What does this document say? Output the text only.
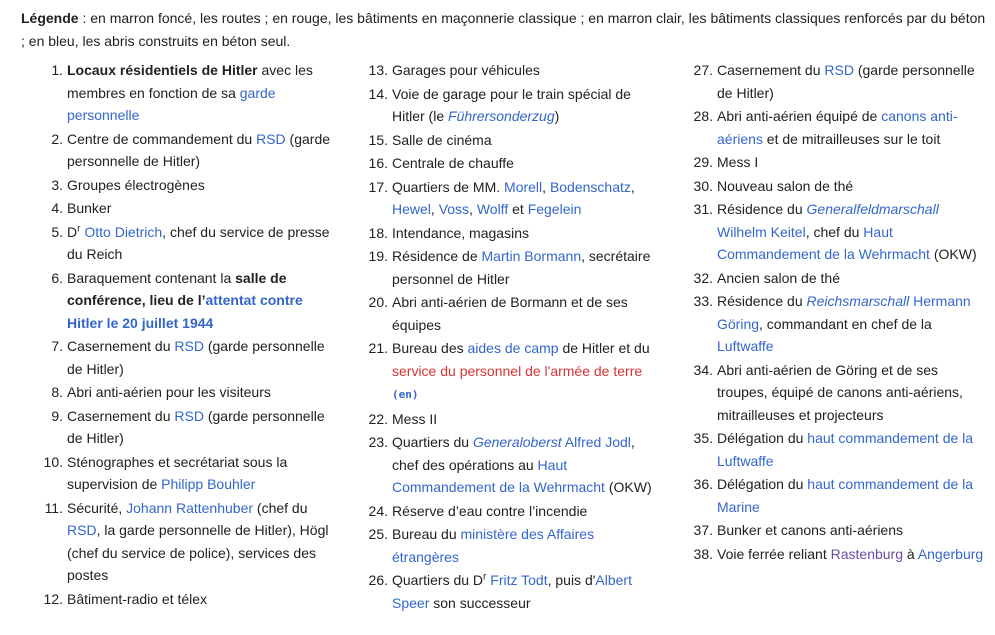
Légende : en marron foncé, les routes ; en rouge, les bâtiments en maçonnerie classique ; en marron clair, les bâtiments classiques renforcés par du béton ; en bleu, les abris construits en béton seul.

1. Locaux résidentiels de Hitler avec les membres en fonction de sa garde personnelle
2. Centre de commandement du RSD (garde personnelle de Hitler)
3. Groupes électrogènes
4. Bunker
5. $D^r$ Otto Dietrich, chef du service de presse du Reich
6. Baraquement contenant la salle de conférence, lieu de l’attentat contre Hitler le 20 juillet 1944
7. Casernement du RSD (garde personnelle de Hitler)
8. Abri anti-aérien pour les visiteurs
9. Casernement du RSD (garde personnelle de Hitler)
10. Sténographes et secrétariat sous la supervision de Philipp Bouhler
11. Sécurité, Johann Rattenhuber (chef du RSD, la garde personnelle de Hitler), Högl (chef du service de police), services des postes
12. Bâtiment-radio et télex
13. Garages pour véhicules
14. Voie de garage pour le train spécial de Hitler (le Führersonderzug)
15. Salle de cinéma
16. Centrale de chauffe
17. Quartiers de MM. Morell, Bodenschatz, Hewel, Voss, Wolff et Fegelein
18. Intendance, magasins
19. Résidence de Martin Bormann, secrétaire personnel de Hitler
20. Abri anti-aérien de Bormann et de ses équipes
21. Bureau des aides de camp de Hitler et du service du personnel de l'armée de terre (en)
22. Mess II
23. Quartiers du Generaloberst Alfred Jodl, chef des opérations au Haut Commandement de la Wehrmacht (OKW)
24. Réserve d’eau contre l’incendie
25. Bureau du ministère des Affaires étrangères
26. Quartiers du $D^r$ Fritz Todt, puis d'Albert Speer son successeur
27. Casernement du RSD (garde personnelle de Hitler)
28. Abri anti-aérien équipé de canons anti-aériens et de mitrailleuses sur le toit
29. Mess I
30. Nouveau salon de thé
31. Résidence du Generalfeldmarschall Wilhelm Keitel, chef du Haut Commandement de la Wehrmacht (OKW)
32. Ancien salon de thé
33. Résidence du Reichsmarschall Hermann Göring, commandant en chef de la Luftwaffe
34. Abri anti-aérien de Göring et de ses troupes, équipé de canons anti-aériens, mitrailleuses et projecteurs
35. Délégation du haut commandement de la Luftwaffe
36. Délégation du haut commandement de la Marine
37. Bunker et canons anti-aériens
38. Voie ferrée reliant Rastenburg à Angerburg
